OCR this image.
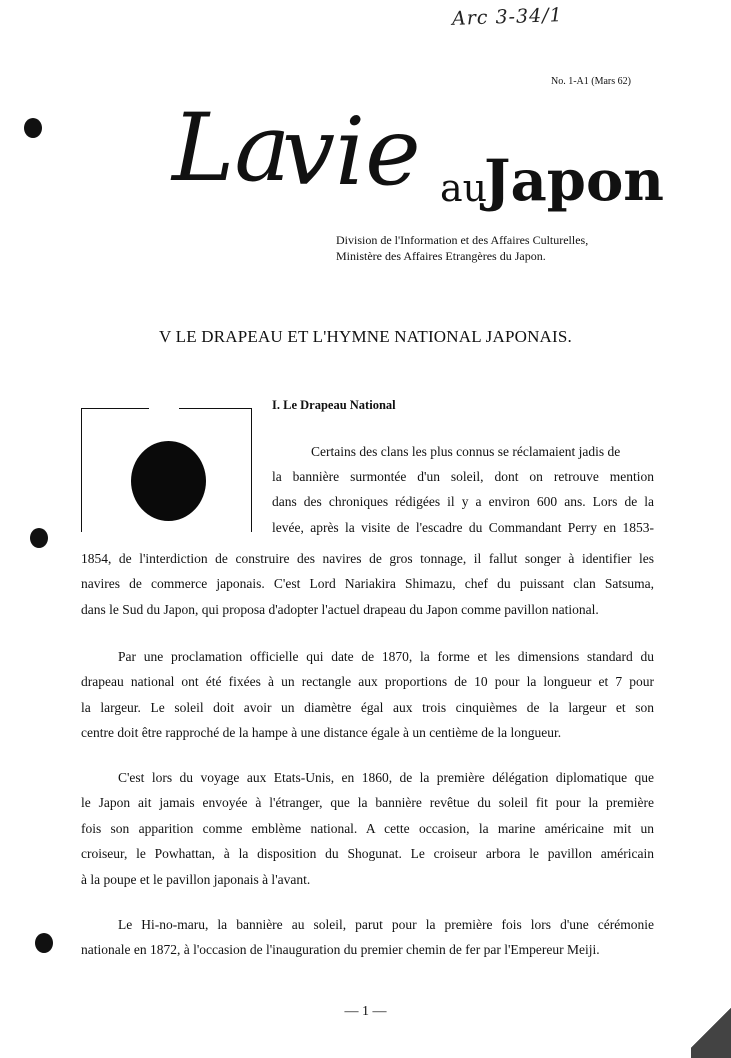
Arc 3-34/1
No. 1-A1 (Mars 62)
La
vie au
Japon
Division de l'Information et des Affaires Culturelles,
Ministère des Affaires Etrangères du Japon.
V LE DRAPEAU ET L'HYMNE NATIONAL JAPONAIS.
I. Le Drapeau National
Certains des clans les plus connus se réclamaient jadis de
la bannière surmontée d'un soleil, dont on retrouve mention
dans des chroniques rédigées il y a environ 600 ans. Lors de la
levée, après la visite de l'escadre du Commandant Perry en 1853-
1854, de l'interdiction de construire des navires de gros tonnage, il fallut songer à identifier les
navires de commerce japonais. C'est Lord Nariakira Shimazu, chef du puissant clan Satsuma,
dans le Sud du Japon, qui proposa d'adopter l'actuel drapeau du Japon comme pavillon national.
Par une proclamation officielle qui date de 1870, la forme et les dimensions standard du
drapeau national ont été fixées à un rectangle aux proportions de 10 pour la longueur et 7 pour
la largeur. Le soleil doit avoir un diamètre égal aux trois cinquièmes de la largeur et son
centre doit être rapproché de la hampe à une distance égale à un centième de la longueur.
C'est lors du voyage aux Etats-Unis, en 1860, de la première délégation diplomatique que
le Japon ait jamais envoyée à l'étranger, que la bannière revêtue du soleil fit pour la première
fois son apparition comme emblème national. A cette occasion, la marine américaine mit un
croiseur, le Powhattan, à la disposition du Shogunat. Le croiseur arbora le pavillon américain
à la poupe et le pavillon japonais à l'avant.
Le Hi-no-maru, la bannière au soleil, parut pour la première fois lors d'une cérémonie
nationale en 1872, à l'occasion de l'inauguration du premier chemin de fer par l'Empereur Meiji.
— 1 —
